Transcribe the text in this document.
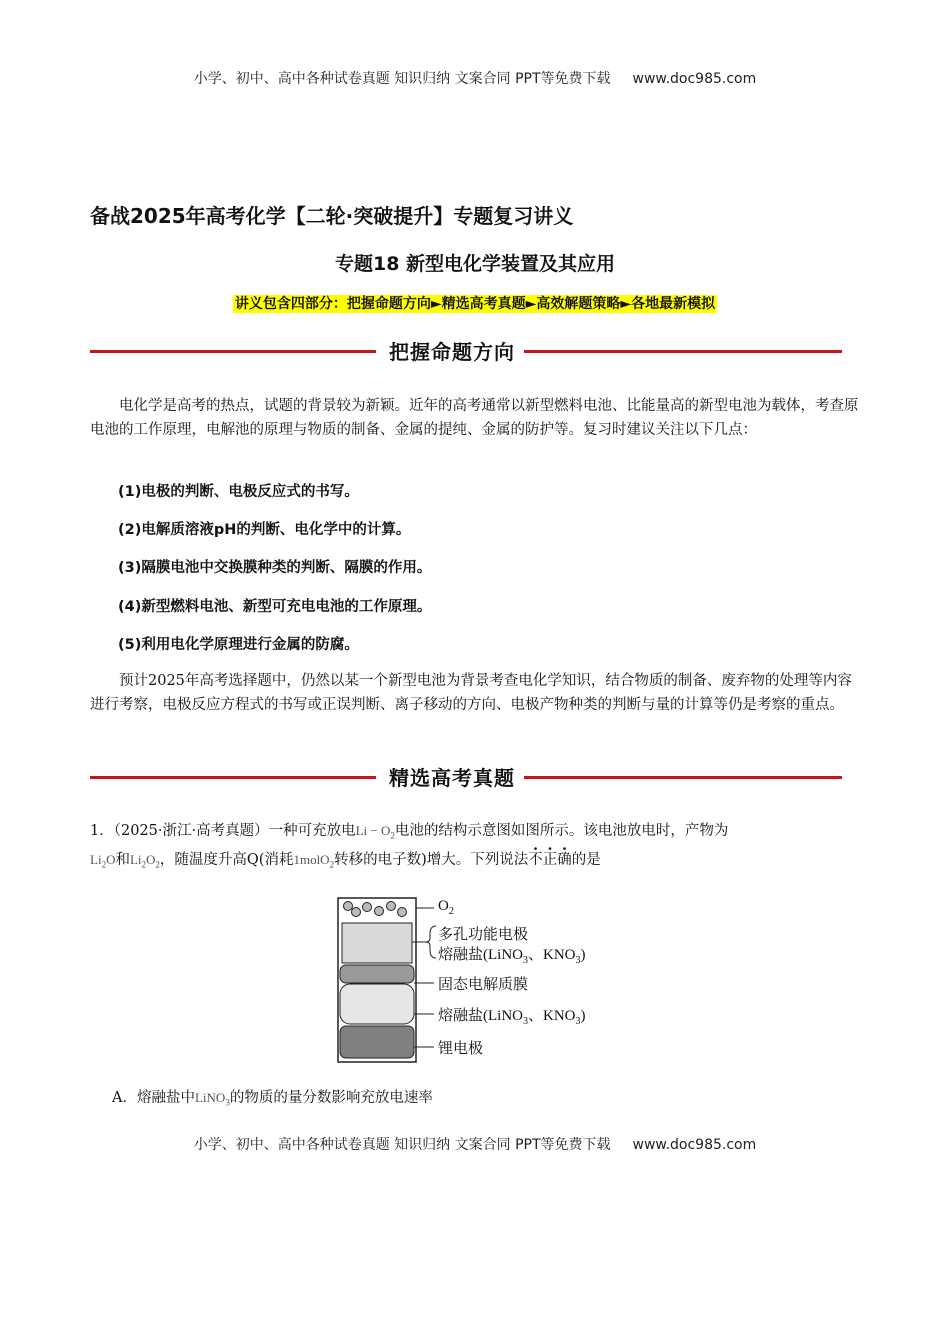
小学、初中、高中各种试卷真题 知识归纳 文案合同 PPT等免费下载 www.doc985.com
备战2025年高考化学【二轮·突破提升】专题复习讲义
专题18 新型电化学装置及其应用
讲义包含四部分：把握命题方向►精选高考真题►高效解题策略►各地最新模拟
把握命题方向
电化学是高考的热点，试题的背景较为新颖。近年的高考通常以新型燃料电池、比能量高的新型电池为载体，考查原电池的工作原理，电解池的原理与物质的制备、金属的提纯、金属的防护等。复习时建议关注以下几点：
(1)电极的判断、电极反应式的书写。
(2)电解质溶液pH的判断、电化学中的计算。
(3)隔膜电池中交换膜种类的判断、隔膜的作用。
(4)新型燃料电池、新型可充电电池的工作原理。
(5)利用电化学原理进行金属的防腐。
预计2025年高考选择题中，仍然以某一个新型电池为背景考查电化学知识，结合物质的制备、废弃物的处理等内容进行考察，电极反应方程式的书写或正误判断、离子移动的方向、电极产物种类的判断与量的计算等仍是考察的重点。
精选高考真题
1．（2025·浙江·高考真题）一种可充放电$Li - O_2$电池的结构示意图如图所示。该电池放电时，产物为
$Li_2O$和$Li_2O_2$，随温度升高Q(消耗1molO$_2$转移的电子数)增大。下列说法不正确的是
$O_2$
多孔功能电极
熔融盐(LiNO$_3$、$KNO_3$)
固态电解质膜
熔融盐(LiNO$_3$、$KNO_3$)
锂电极
A．熔融盐中LiNO$_3$的物质的量分数影响充放电速率
小学、初中、高中各种试卷真题 知识归纳 文案合同 PPT等免费下载 www.doc985.com
